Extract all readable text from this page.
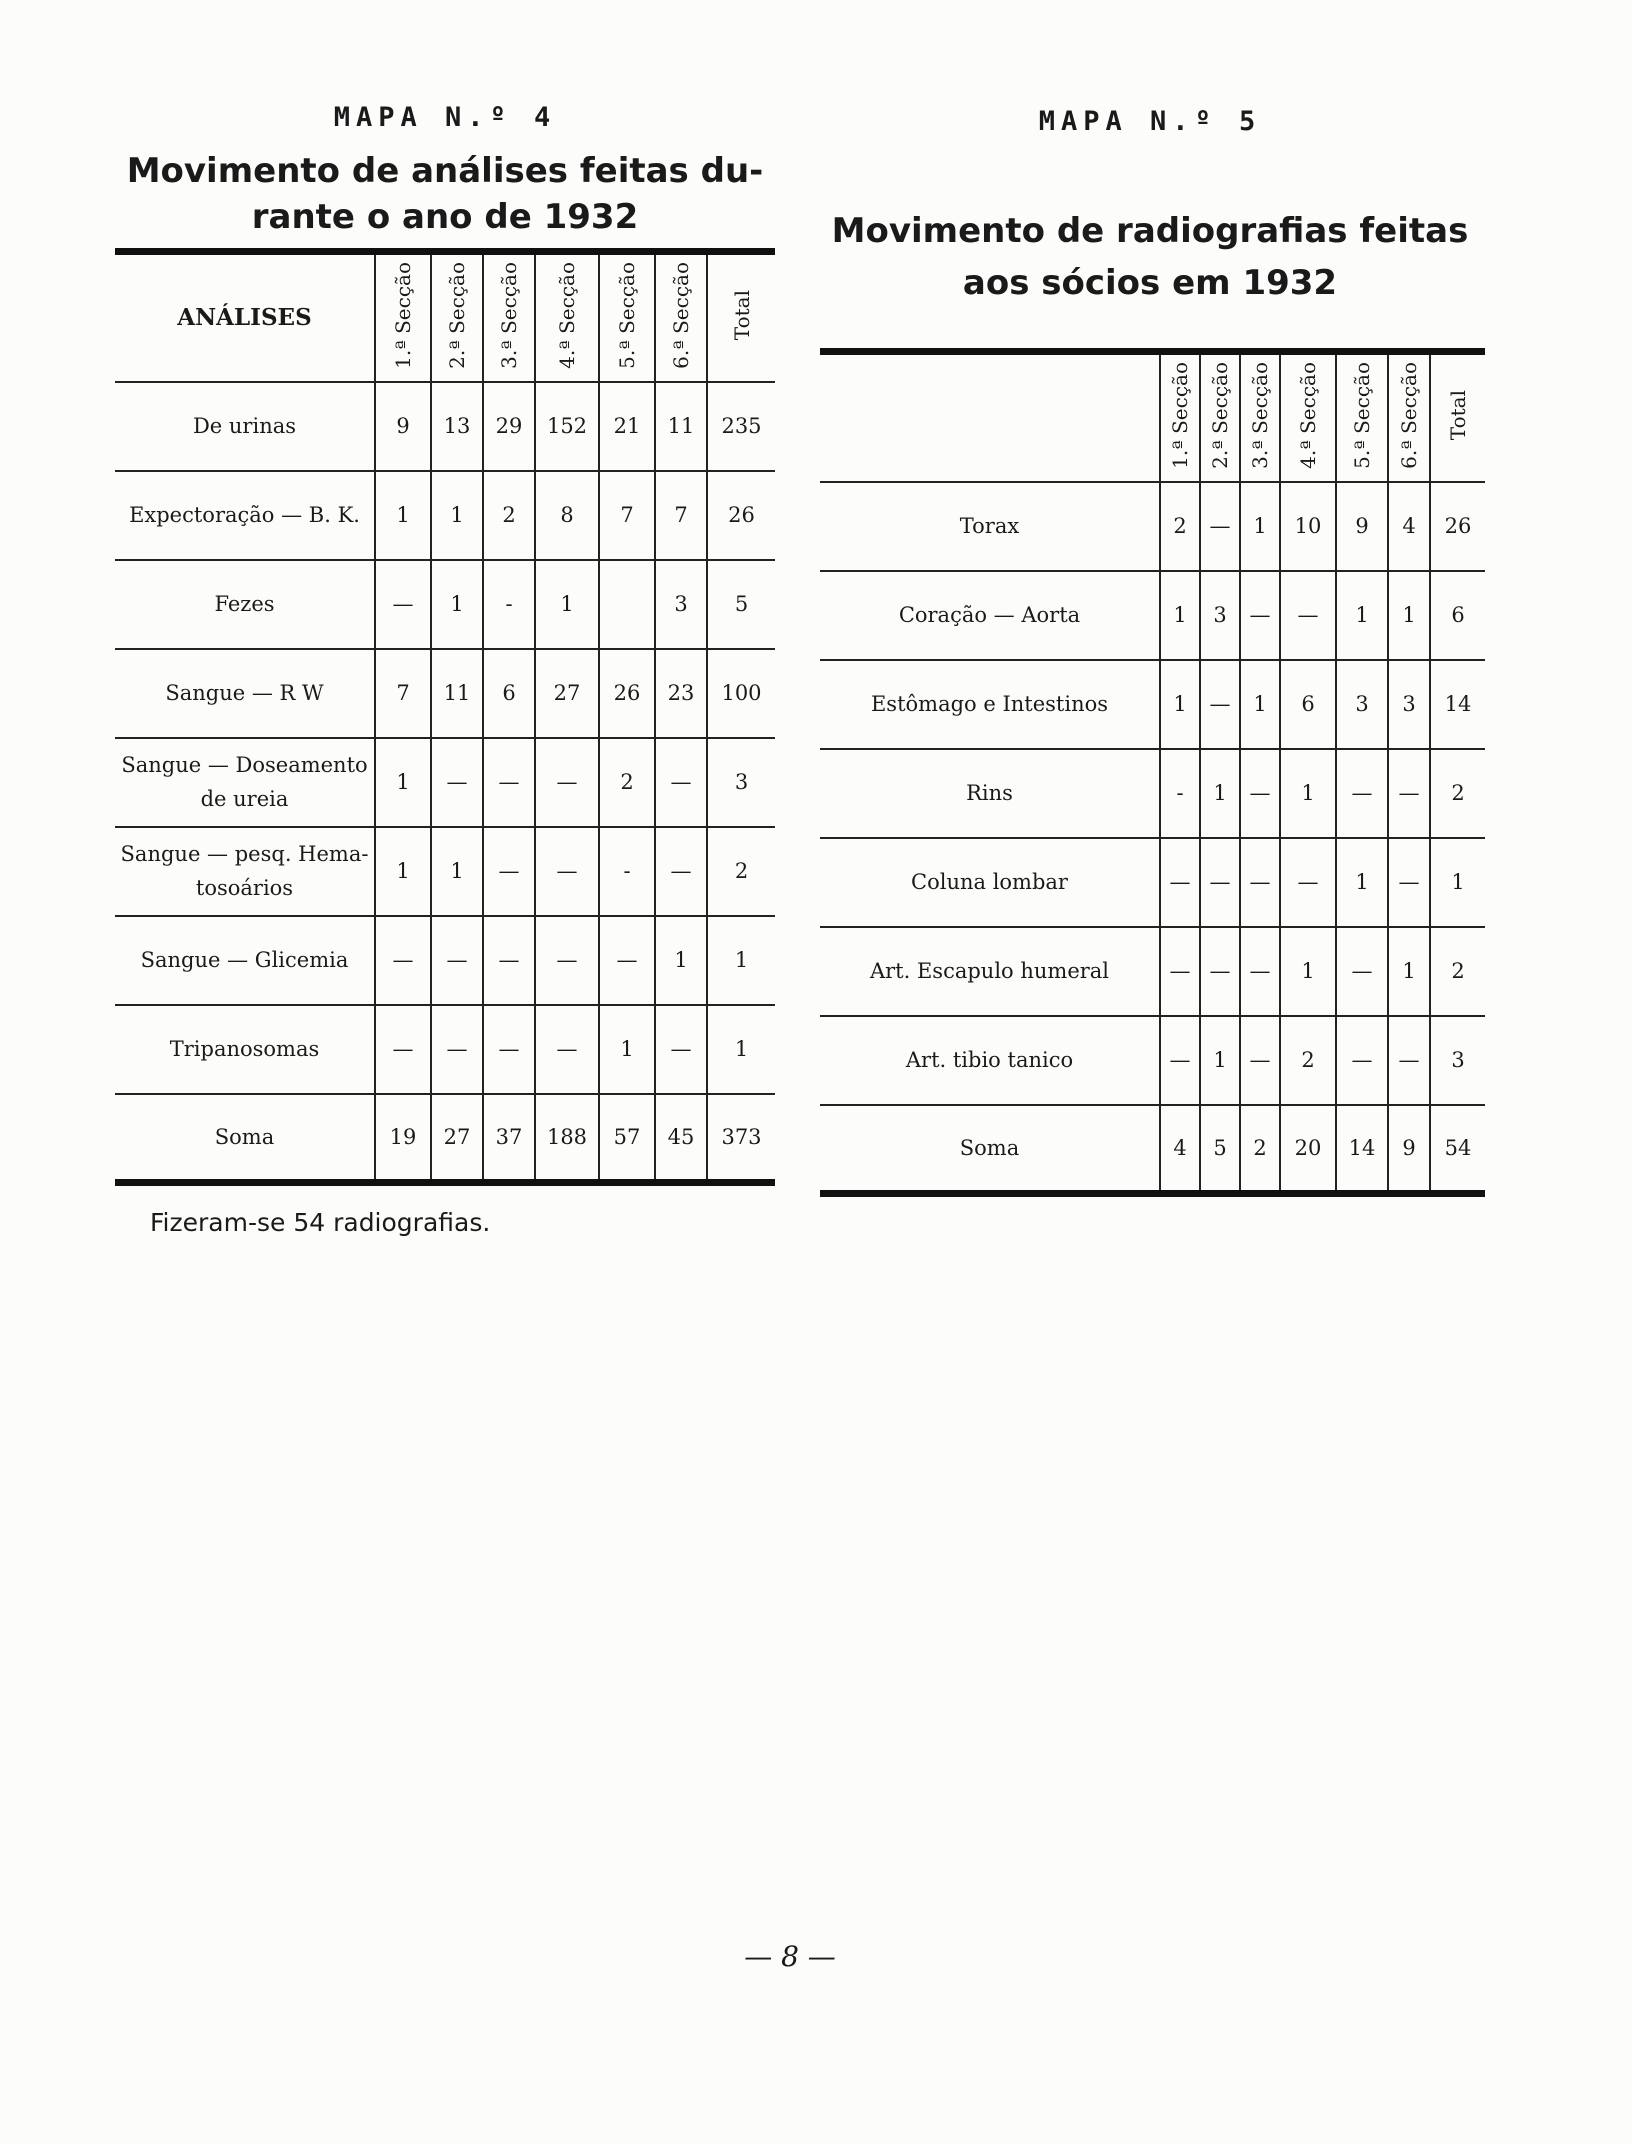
MAPA N.º 4
Movimento de análises feitas du-
rante o ano de 1932
ANÁLISES	1.ª Secção	2.ª Secção	3.ª Secção	4.ª Secção	5.ª Secção	6.ª Secção	Total
De urinas	9	13	29	152	21	11	235
Expectoração — B. K.	1	1	2	8	7	7	26
Fezes	—	1	-	1		3	5
Sangue — R W	7	11	6	27	26	23	100
Sangue — Doseamento de ureia	1	—	—	—	2	—	3
Sangue — pesq. Hema-tosoários	1	1	—	—	-	—	2
Sangue — Glicemia	—	—	—	—	—	1	1
Tripanosomas	—	—	—	—	1	—	1
Soma	19	27	37	188	57	45	373
Fizeram-se 54 radiografias.
MAPA N.º 5
Movimento de radiografias feitas
aos sócios em 1932
	1.ª Secção	2.ª Secção	3.ª Secção	4.ª Secção	5.ª Secção	6.ª Secção	Total
Torax	2	—	1	10	9	4	26
Coração — Aorta	1	3	—	—	1	1	6
Estômago e Intestinos	1	—	1	6	3	3	14
Rins	-	1	—	1	—	—	2
Coluna lombar	—	—	—	—	1	—	1
Art. Escapulo humeral	—	—	—	1	—	1	2
Art. tibio tanico	—	1	—	2	—	—	3
Soma	4	5	2	20	14	9	54
— 8 —
